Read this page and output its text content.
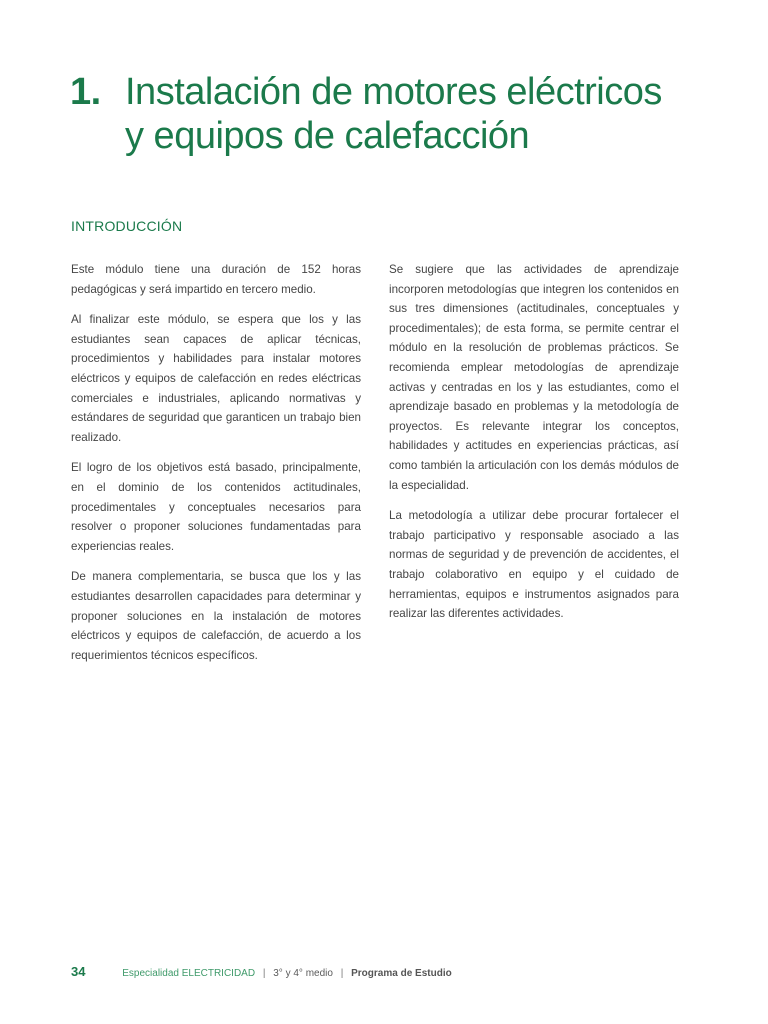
1. Instalación de motores eléctricos
y equipos de calefacción
INTRODUCCIÓN

Este módulo tiene una duración de 152 horas pedagógicas y será impartido en tercero medio.

Al finalizar este módulo, se espera que los y las estudiantes sean capaces de aplicar técnicas, procedimientos y habilidades para instalar motores eléctricos y equipos de calefacción en redes eléctricas comerciales e industriales, aplicando normativas y estándares de seguridad que garanticen un trabajo bien realizado.

El logro de los objetivos está basado, principalmente, en el dominio de los contenidos actitudinales, procedimentales y conceptuales necesarios para resolver o proponer soluciones fundamentadas para experiencias reales.

De manera complementaria, se busca que los y las estudiantes desarrollen capacidades para determinar y proponer soluciones en la instalación de motores eléctricos y equipos de calefacción, de acuerdo a los requerimientos técnicos específicos.

Se sugiere que las actividades de aprendizaje incorporen metodologías que integren los contenidos en sus tres dimensiones (actitudinales, conceptuales y procedimentales); de esta forma, se permite centrar el módulo en la resolución de problemas prácticos. Se recomienda emplear metodologías de aprendizaje activas y centradas en los y las estudiantes, como el aprendizaje basado en problemas y la metodología de proyectos. Es relevante integrar los conceptos, habilidades y actitudes en experiencias prácticas, así como también la articulación con los demás módulos de la especialidad.

La metodología a utilizar debe procurar fortalecer el trabajo participativo y responsable asociado a las normas de seguridad y de prevención de accidentes, el trabajo colaborativo en equipo y el cuidado de herramientas, equipos e instrumentos asignados para realizar las diferentes actividades.

34	Especialidad ELECTRICIDAD | 3° y 4° medio | Programa de Estudio
